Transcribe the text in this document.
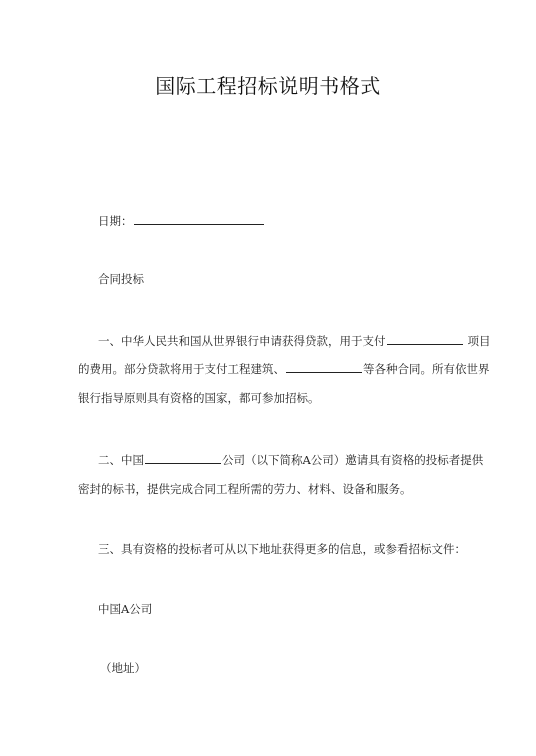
国际工程招标说明书格式
日期：
合同投标
一、中华人民共和国从世界银行申请获得贷款，用于支付	项目
的费用。部分贷款将用于支付工程建筑、	等各种合同。所有依世界
银行指导原则具有资格的国家，都可参加招标。
二、中国	公司（以下简称A公司）邀请具有资格的投标者提供
密封的标书，提供完成合同工程所需的劳力、材料、设备和服务。
三、具有资格的投标者可从以下地址获得更多的信息，或参看招标文件：
中国A公司
（地址）
